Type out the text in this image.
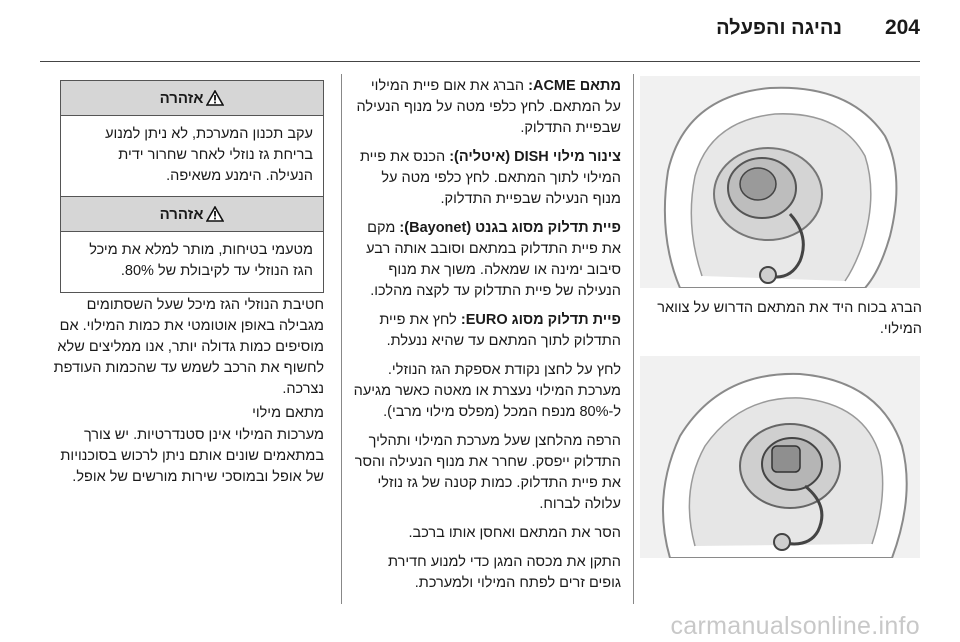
204
נהיגה והפעלה
הברג בכוח היד את המתאם הדרוש על צוואר המילוי.

מתאם ACME: הברג את אום פיית המילוי על המתאם. לחץ כלפי מטה על מנוף הנעילה שבפיית התדלוק.

צינור מילוי DISH (איטליה): הכנס את פיית המילוי לתוך המתאם. לחץ כלפי מטה על מנוף הנעילה שבפיית התדלוק.

פיית תדלוק מסוג בגנט (Bayonet): מקם את פיית התדלוק במתאם וסובב אותה רבע סיבוב ימינה או שמאלה. משוך את מנוף הנעילה של פיית התדלוק עד לקצה מהלכו.

פיית תדלוק מסוג EURO: לחץ את פיית התדלוק לתוך המתאם עד שהיא ננעלת.

לחץ על לחצן נקודת אספקת הגז הנוזלי. מערכת המילוי נעצרת או מאטה כאשר מגיעה ל-80% מנפח המכל (מפלס מילוי מרבי).

הרפה מהלחצן שעל מערכת המילוי ותהליך התדלוק ייפסק. שחרר את מנוף הנעילה והסר את פיית התדלוק. כמות קטנה של גז נוזלי עלולה לברוח.

הסר את המתאם ואחסן אותו ברכב.

התקן את מכסה המגן כדי למנוע חדירת גופים זרים לפתח המילוי ולמערכת.

אזהרה
עקב תכנון המערכת, לא ניתן למנוע בריחת גז נוזלי לאחר שחרור ידית הנעילה. הימנע משאיפה.
אזהרה
מטעמי בטיחות, מותר למלא את מיכל הגז הנוזלי עד לקיבולת של 80%.
חטיבת הנוזלי הגז מיכל שעל השסתומים מגבילה באופן אוטומטי את כמות המילוי. אם מוסיפים כמות גדולה יותר, אנו ממליצים שלא לחשוף את הרכב לשמש עד שהכמות העודפת נצרכה.
מתאם מילוי
מערכות המילוי אינן סטנדרטיות. יש צורך במתאמים שונים אותם ניתן לרכוש בסוכנויות של אופל ובמוסכי שירות מורשים של אופל.
carmanualsonline.info
